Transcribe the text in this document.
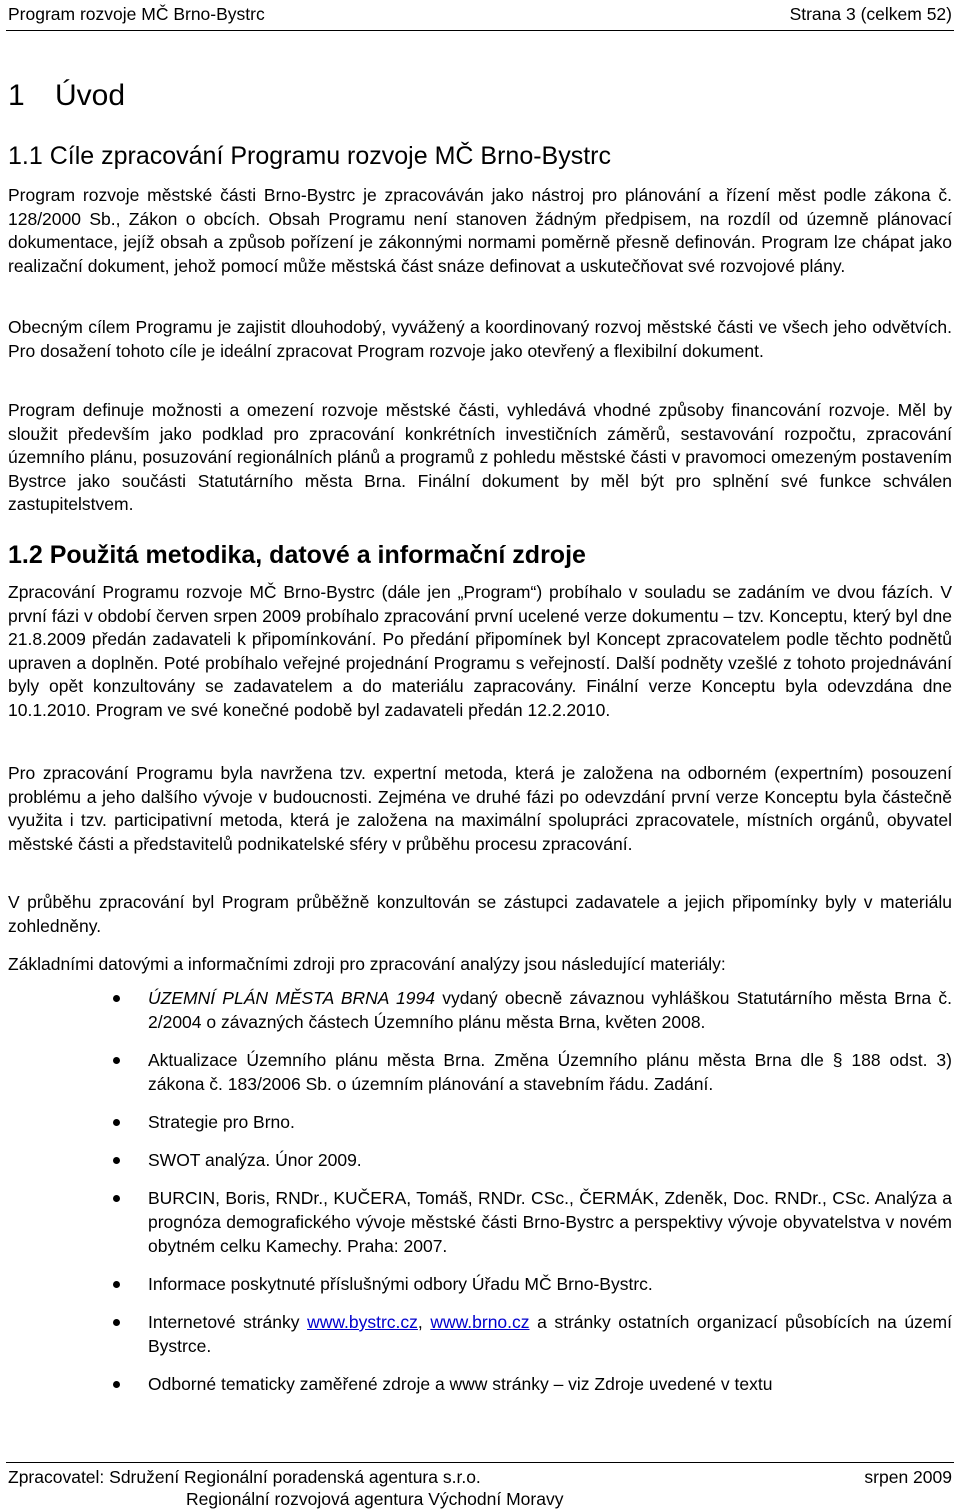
Program rozvoje MČ Brno-Bystrc	Strana 3 (celkem 52)
1 Úvod
1.1 Cíle zpracování Programu rozvoje MČ Brno-Bystrc

Program rozvoje městské části Brno-Bystrc je zpracováván jako nástroj pro plánování a řízení měst podle zákona č. 128/2000 Sb., Zákon o obcích. Obsah Programu není stanoven žádným předpisem, na rozdíl od územně plánovací dokumentace, jejíž obsah a způsob pořízení je zákonnými normami poměrně přesně definován. Program lze chápat jako realizační dokument, jehož pomocí může městská část snáze definovat a uskutečňovat své rozvojové plány.

Obecným cílem Programu je zajistit dlouhodobý, vyvážený a koordinovaný rozvoj městské části ve všech jeho odvětvích. Pro dosažení tohoto cíle je ideální zpracovat Program rozvoje jako otevřený a flexibilní dokument.

Program definuje možnosti a omezení rozvoje městské části, vyhledává vhodné způsoby financování rozvoje. Měl by sloužit především jako podklad pro zpracování konkrétních investičních záměrů, sestavování rozpočtu, zpracování územního plánu, posuzování regionálních plánů a programů z pohledu městské části v pravomoci omezeným postavením Bystrce jako součásti Statutárního města Brna. Finální dokument by měl být pro splnění své funkce schválen zastupitelstvem.

1.2 Použitá metodika, datové a informační zdroje

Zpracování Programu rozvoje MČ Brno-Bystrc (dále jen „Program“) probíhalo v souladu se zadáním ve dvou fázích. V první fázi v období červen srpen 2009 probíhalo zpracování první ucelené verze dokumentu – tzv. Konceptu, který byl dne 21.8.2009 předán zadavateli k připomínkování. Po předání připomínek byl Koncept zpracovatelem podle těchto podnětů upraven a doplněn. Poté probíhalo veřejné projednání Programu s veřejností. Další podněty vzešlé z tohoto projednávání byly opět konzultovány se zadavatelem a do materiálu zapracovány. Finální verze Konceptu byla odevzdána dne 10.1.2010. Program ve své konečné podobě byl zadavateli předán 12.2.2010.

Pro zpracování Programu byla navržena tzv. expertní metoda, která je založena na odborném (expertním) posouzení problému a jeho dalšího vývoje v budoucnosti. Zejména ve druhé fázi po odevzdání první verze Konceptu byla částečně využita i tzv. participativní metoda, která je založena na maximální spolupráci zpracovatele, místních orgánů, obyvatel městské části a představitelů podnikatelské sféry v průběhu procesu zpracování.

V průběhu zpracování byl Program průběžně konzultován se zástupci zadavatele a jejich připomínky byly v materiálu zohledněny.

Základními datovými a informačními zdroji pro zpracování analýzy jsou následující materiály:

ÚZEMNÍ PLÁN MĚSTA BRNA 1994 vydaný obecně závaznou vyhláškou Statutárního města Brna č. 2/2004 o závazných částech Územního plánu města Brna, květen 2008.
Aktualizace Územního plánu města Brna. Změna Územního plánu města Brna dle § 188 odst. 3) zákona č. 183/2006 Sb. o územním plánování a stavebním řádu. Zadání.
Strategie pro Brno.
SWOT analýza. Únor 2009.
BURCIN, Boris, RNDr., KUČERA, Tomáš, RNDr. CSc., ČERMÁK, Zdeněk, Doc. RNDr., CSc. Analýza a prognóza demografického vývoje městské části Brno-Bystrc a perspektivy vývoje obyvatelstva v novém obytném celku Kamechy. Praha: 2007.
Informace poskytnuté příslušnými odbory Úřadu MČ Brno-Bystrc.
Internetové stránky www.bystrc.cz, www.brno.cz a stránky ostatních organizací působících na území Bystrce.
Odborné tematicky zaměřené zdroje a www stránky – viz Zdroje uvedené v textu
Zpracovatel: Sdružení Regionální poradenská agentura s.r.o.	srpen 2009
Regionální rozvojová agentura Východní Moravy
